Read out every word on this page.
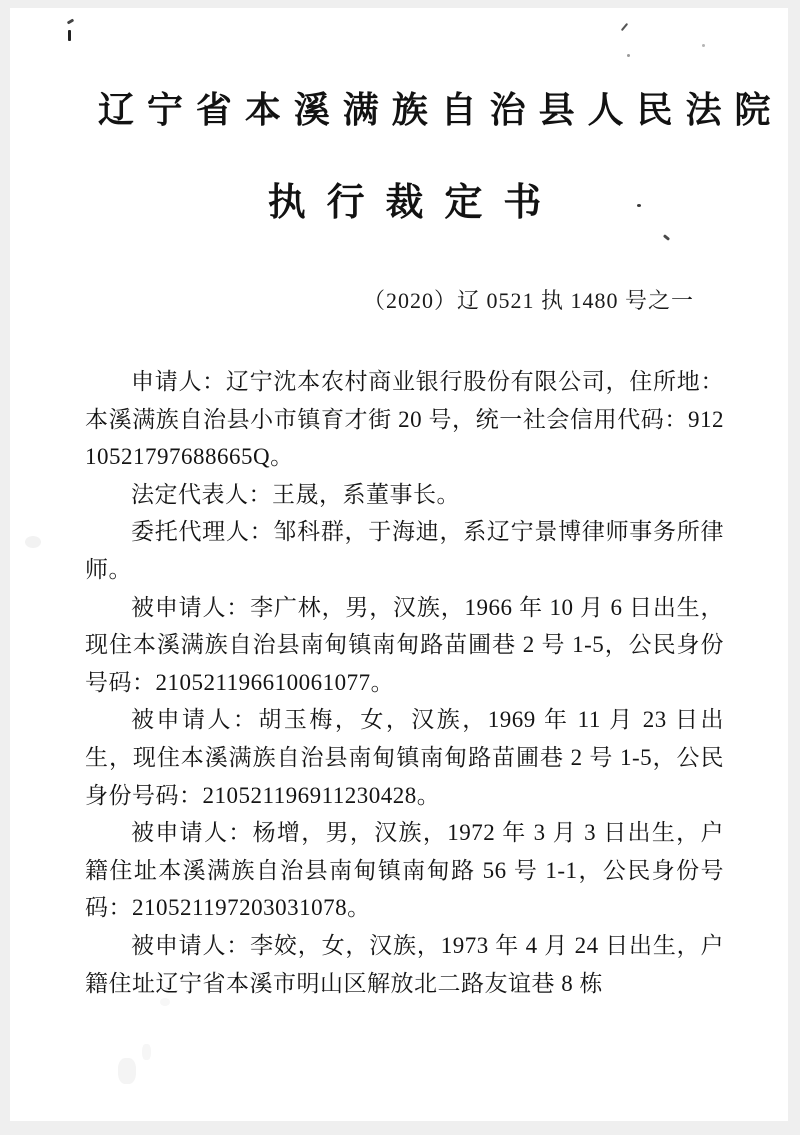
辽宁省本溪满族自治县人民法院
执行裁定书
（2020）辽 0521 执 1480 号之一

申请人：辽宁沈本农村商业银行股份有限公司，住所地：本溪满族自治县小市镇育才街 20 号，统一社会信用代码：91210521797688665Q。

法定代表人：王晟，系董事长。

委托代理人：邹科群，于海迪，系辽宁景博律师事务所律师。

被申请人：李广林，男，汉族，1966 年 10 月 6 日出生，现住本溪满族自治县南甸镇南甸路苗圃巷 2 号 1-5，公民身份号码：210521196610061077。

被申请人：胡玉梅，女，汉族，1969 年 11 月 23 日出生，现住本溪满族自治县南甸镇南甸路苗圃巷 2 号 1-5，公民身份号码：210521196911230428。

被申请人：杨增，男，汉族，1972 年 3 月 3 日出生，户籍住址本溪满族自治县南甸镇南甸路 56 号 1-1，公民身份号码：210521197203031078。

被申请人：李姣，女，汉族，1973 年 4 月 24 日出生，户籍住址辽宁省本溪市明山区解放北二路友谊巷 8 栋
